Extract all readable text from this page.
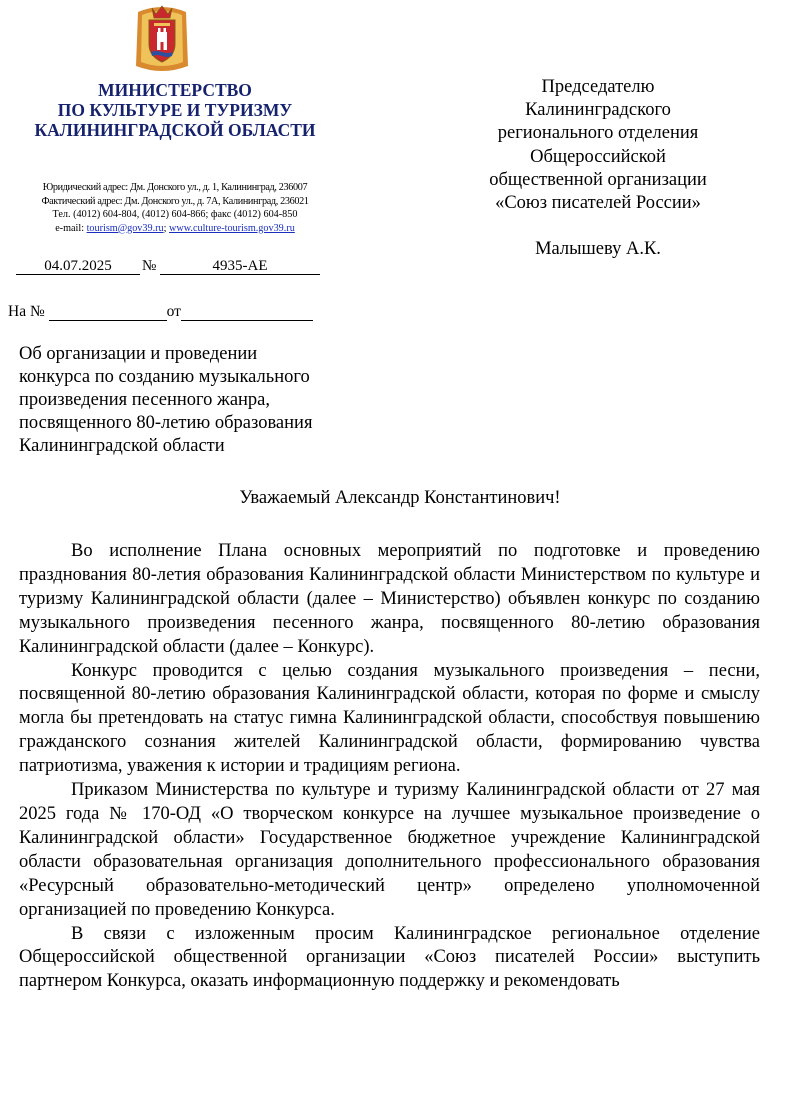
МИНИСТЕРСТВО
ПО КУЛЬТУРЕ И ТУРИЗМУ
КАЛИНИНГРАДСКОЙ ОБЛАСТИ
Юридический адрес: Дм. Донского ул., д. 1, Калининград, 236007
Фактический адрес: Дм. Донского ул., д. 7А, Калининград, 236021
Тел. (4012) 604-804, (4012) 604-866; факс (4012) 604-850
e-mail: tourism@gov39.ru; www.culture-tourism.gov39.ru
04.07.2025	№	4935-АЕ
На №	от
Председателю
Калининградского
регионального отделения
Общероссийской
общественной организации
«Союз писателей России»
Малышеву А.К.
Об организации и проведении
конкурса по созданию музыкального
произведения песенного жанра,
посвященного 80-летию образования
Калининградской области
Уважаемый Александр Константинович!

Во исполнение Плана основных мероприятий по подготовке и проведению празднования 80-летия образования Калининградской области Министерством по культуре и туризму Калининградской области (далее – Министерство) объявлен конкурс по созданию музыкального произведения песенного жанра, посвященного 80-летию образования Калининградской области (далее – Конкурс).

Конкурс проводится с целью создания музыкального произведения – песни, посвященной 80-летию образования Калининградской области, которая по форме и смыслу могла бы претендовать на статус гимна Калининградской области, способствуя повышению гражданского сознания жителей Калининградской области, формированию чувства патриотизма, уважения к истории и традициям региона.

Приказом Министерства по культуре и туризму Калининградской области от 27 мая 2025 года № 170-ОД «О творческом конкурсе на лучшее музыкальное произведение о Калининградской области» Государственное бюджетное учреждение Калининградской области образовательная организация дополнительного профессионального образования «Ресурсный образовательно-методический центр» определено уполномоченной организацией по проведению Конкурса.

В связи с изложенным просим Калининградское региональное отделение Общероссийской общественной организации «Союз писателей России» выступить партнером Конкурса, оказать информационную поддержку и рекомендовать
